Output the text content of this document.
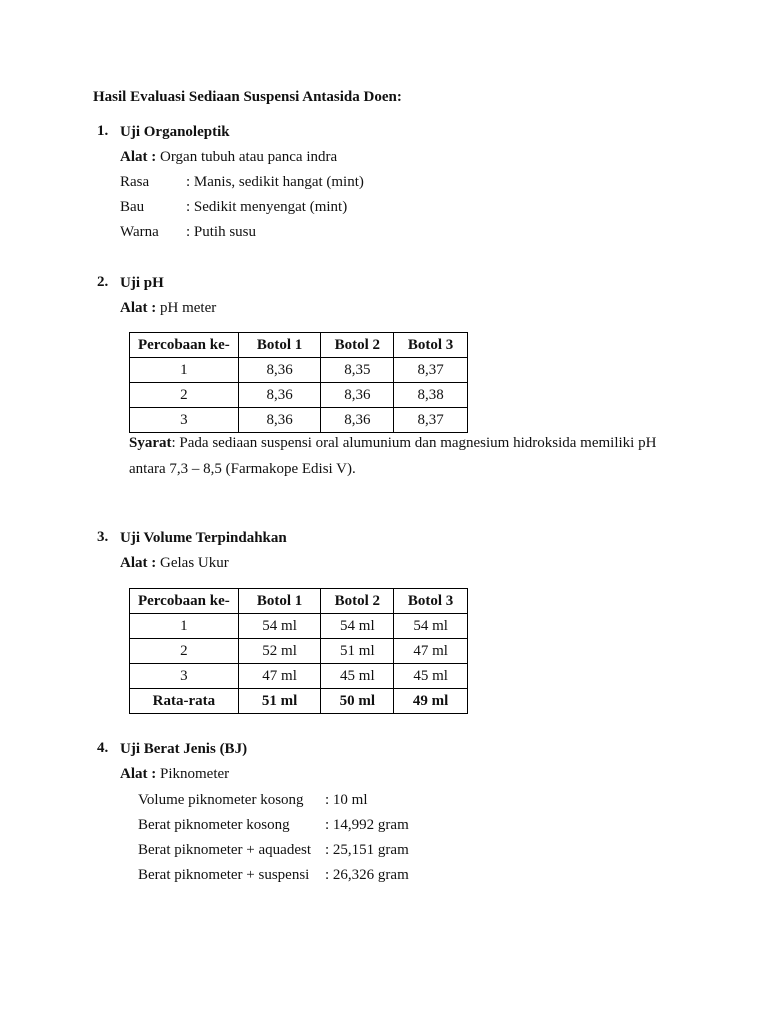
Hasil Evaluasi Sediaan Suspensi Antasida Doen:
1. Uji Organoleptik
Alat : Organ tubuh atau panca indra
Rasa : Manis, sedikit hangat (mint)
Bau	: Sedikit menyengat (mint)
Warna : Putih susu
2. Uji pH
Alat : pH meter
Percobaan ke-	Botol 1	Botol 2	Botol 3
1	8,36	8,35	8,37
2	8,36	8,36	8,38
3	8,36	8,36	8,37
Syarat: Pada sediaan suspensi oral alumunium dan magnesium hidroksida memiliki pH
antara 7,3 – 8,5 (Farmakope Edisi V).
3. Uji Volume Terpindahkan
Alat : Gelas Ukur
Percobaan ke-	Botol 1	Botol 2	Botol 3
1	54 ml	54 ml	54 ml
2	52 ml	51 ml	47 ml
3	47 ml	45 ml	45 ml
Rata-rata	51 ml	50 ml	49 ml
4. Uji Berat Jenis (BJ)
Alat : Piknometer
Volume piknometer kosong : 10 ml
Berat piknometer kosong : 14,992 gram
Berat piknometer + aquadest : 25,151 gram
Berat piknometer + suspensi : 26,326 gram
